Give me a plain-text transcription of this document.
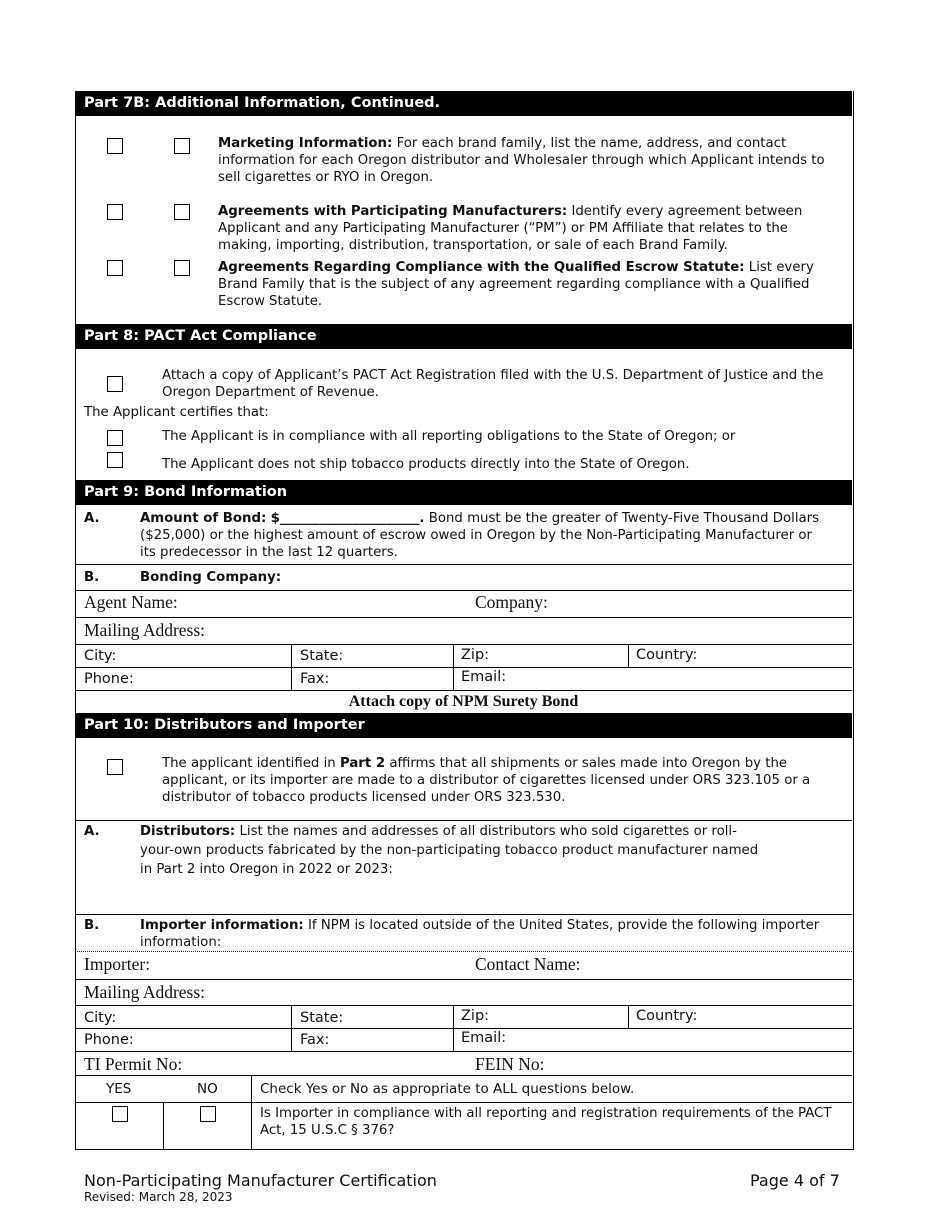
Part 7B: Additional Information, Continued.
Marketing Information: For each brand family, list the name, address, and contact information for each Oregon distributor and Wholesaler through which Applicant intends to sell cigarettes or RYO in Oregon.
Agreements with Participating Manufacturers: Identify every agreement between Applicant and any Participating Manufacturer (“PM”) or PM Affiliate that relates to the making, importing, distribution, transportation, or sale of each Brand Family.
Agreements Regarding Compliance with the Qualified Escrow Statute: List every Brand Family that is the subject of any agreement regarding compliance with a Qualified Escrow Statute.
Part 8: PACT Act Compliance
Attach a copy of Applicant’s PACT Act Registration filed with the U.S. Department of Justice and the Oregon Department of Revenue.
The Applicant certifies that:
The Applicant is in compliance with all reporting obligations to the State of Oregon; or
The Applicant does not ship tobacco products directly into the State of Oregon.
Part 9: Bond Information
A.	Amount of Bond: $_____________________. Bond must be the greater of Twenty-Five Thousand Dollars ($25,000) or the highest amount of escrow owed in Oregon by the Non-Participating Manufacturer or its predecessor in the last 12 quarters.
B.	Bonding Company:
Agent Name:	Company:
Mailing Address:
City:	State:	Zip:	Country:
Phone:	Fax:	Email:
Attach copy of NPM Surety Bond
Part 10: Distributors and Importer
The applicant identified in Part 2 affirms that all shipments or sales made into Oregon by the applicant, or its importer are made to a distributor of cigarettes licensed under ORS 323.105 or a distributor of tobacco products licensed under ORS 323.530.
A.	Distributors: List the names and addresses of all distributors who sold cigarettes or roll-
your-own products fabricated by the non-participating tobacco product manufacturer named
in Part 2 into Oregon in 2022 or 2023:
B.	Importer information: If NPM is located outside of the United States, provide the following importer information:
Importer:	Contact Name:
Mailing Address:
City:	State:	Zip:	Country:
Phone:	Fax:	Email:
TI Permit No:	FEIN No:
YES	NO	Check Yes or No as appropriate to ALL questions below.
Is Importer in compliance with all reporting and registration requirements of the PACT Act, 15 U.S.C § 376?
Non-Participating Manufacturer Certification
Revised: March 28, 2023
Page 4 of 7
